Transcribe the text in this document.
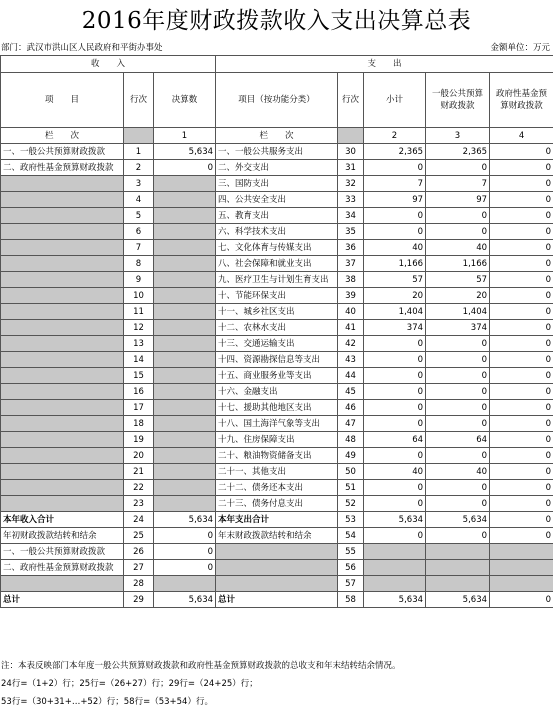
2016年度财政拨款收入支出决算总表
部门：武汉市洪山区人民政府和平街办事处	金额单位：万元
收　　入			支　　出				
项　　目	行次	决算数	项目（按功能分类）	行次	小计	一般公共预算财政拨款	政府性基金预算财政拨款
栏　　次		1	栏　　次		2	3	4
一、一般公共预算财政拨款	1	5,634	一、一般公共服务支出	30	2,365	2,365	0
二、政府性基金预算财政拨款	2	0	二、外交支出	31	0	0	0
	3		三、国防支出	32	7	7	0
	4		四、公共安全支出	33	97	97	0
	5		五、教育支出	34	0	0	0
	6		六、科学技术支出	35	0	0	0
	7		七、文化体育与传媒支出	36	40	40	0
	8		八、社会保障和就业支出	37	1,166	1,166	0
	9		九、医疗卫生与计划生育支出	38	57	57	0
	10		十、节能环保支出	39	20	20	0
	11		十一、城乡社区支出	40	1,404	1,404	0
	12		十二、农林水支出	41	374	374	0
	13		十三、交通运输支出	42	0	0	0
	14		十四、资源勘探信息等支出	43	0	0	0
	15		十五、商业服务业等支出	44	0	0	0
	16		十六、金融支出	45	0	0	0
	17		十七、援助其他地区支出	46	0	0	0
	18		十八、国土海洋气象等支出	47	0	0	0
	19		十九、住房保障支出	48	64	64	0
	20		二十、粮油物资储备支出	49	0	0	0
	21		二十一、其他支出	50	40	40	0
	22		二十二、债务还本支出	51	0	0	0
	23		二十三、债务付息支出	52	0	0	0
本年收入合计	24	5,634	本年支出合计	53	5,634	5,634	0
年初财政拨款结转和结余	25	0	年末财政拨款结转和结余	54	0	0	0
一、一般公共预算财政拨款	26	0		55			
二、政府性基金预算财政拨款	27	0		56			
	28			57			
总计	29	5,634	总计	58	5,634	5,634	0
注：本表反映部门本年度一般公共预算财政拨款和政府性基金预算财政拨款的总收支和年末结转结余情况。
24行=（1+2）行；25行=（26+27）行；29行=（24+25）行；
53行=（30+31+…+52）行；58行=（53+54）行。
